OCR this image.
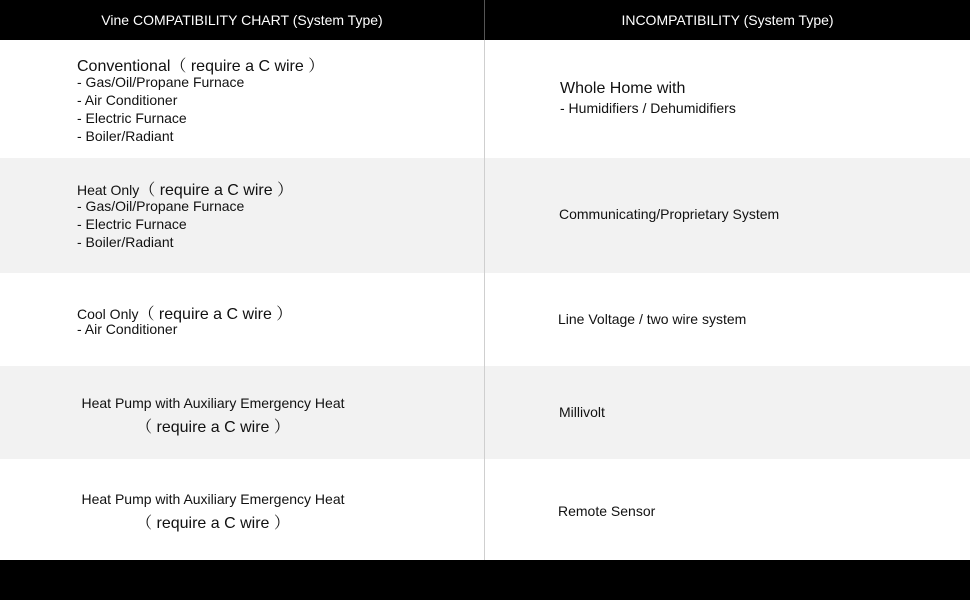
Vine COMPATIBILITY CHART (System Type)	INCOMPATIBILITY (System Type)
Conventional（ require a C wire ）
- Gas/Oil/Propane Furnace
- Air Conditioner
- Electric Furnace
- Boiler/Radiant
Whole Home with
- Humidifiers / Dehumidifiers
Heat Only（ require a C wire ）
- Gas/Oil/Propane Furnace
- Electric Furnace
- Boiler/Radiant
Communicating/Proprietary System
Cool Only（ require a C wire ）
- Air Conditioner
Line Voltage / two wire system
Heat Pump with Auxiliary Emergency Heat
（ require a C wire ）
Millivolt
Heat Pump with Auxiliary Emergency Heat
（ require a C wire ）
Remote Sensor
